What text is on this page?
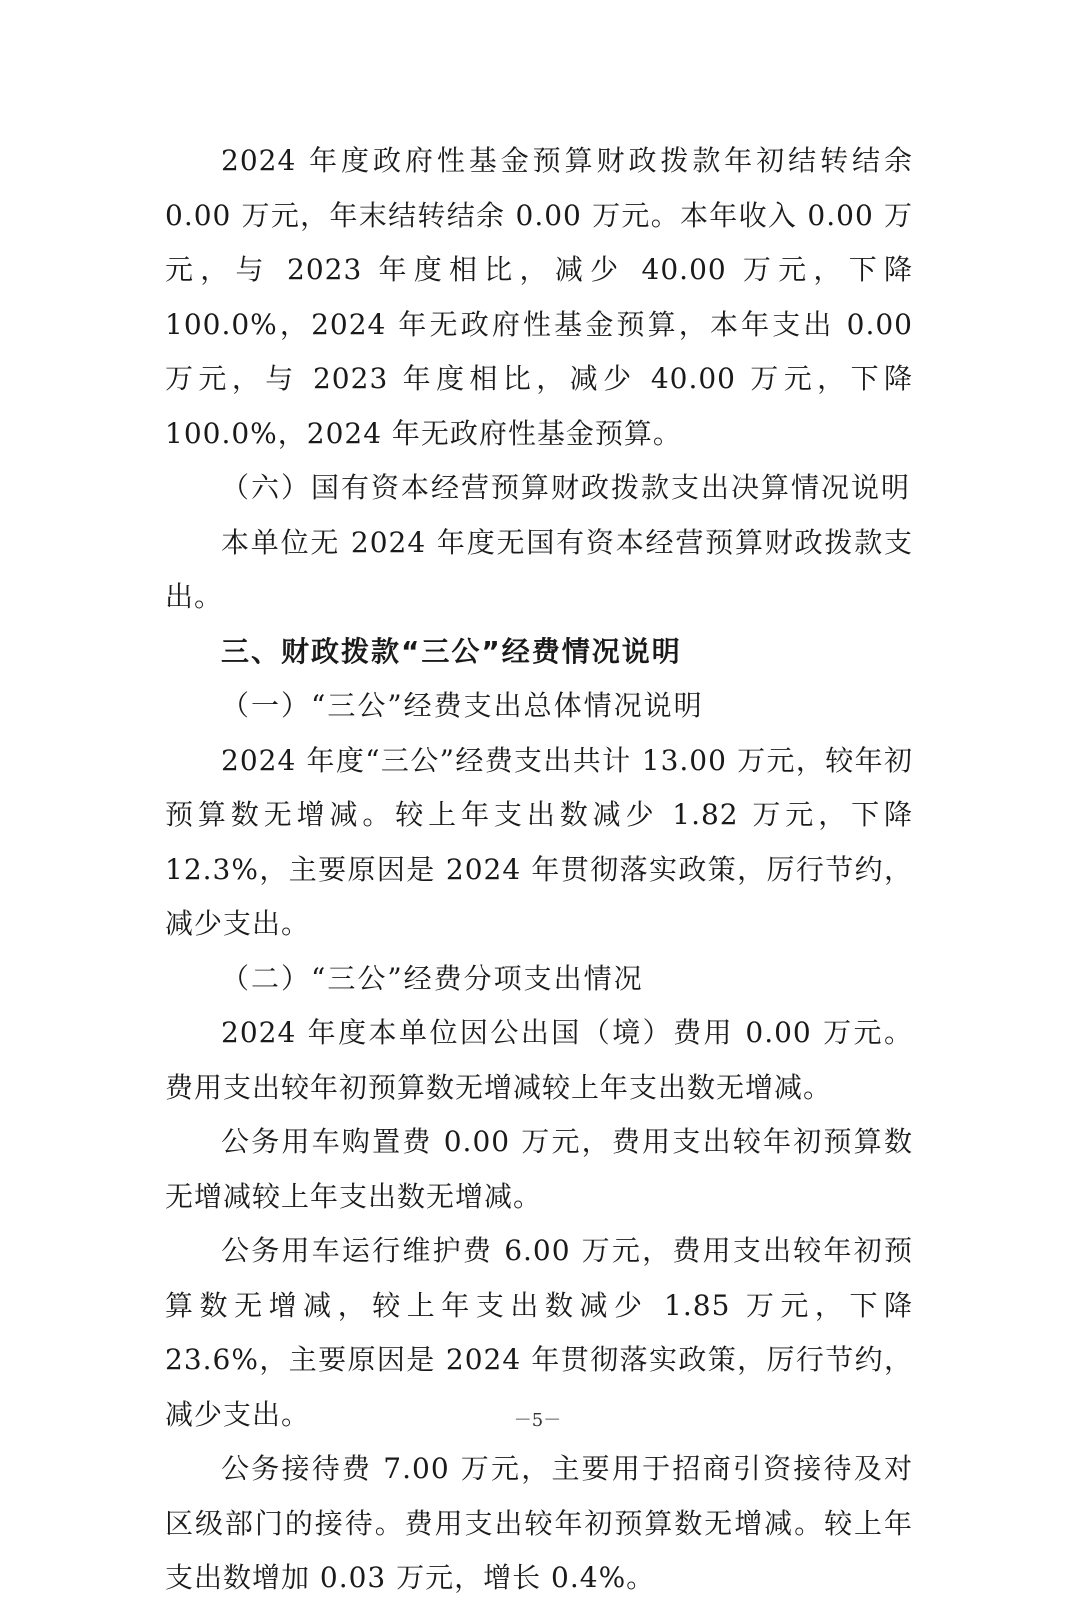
2024 年度政府性基金预算财政拨款年初结转结余 0.00 万元，年末结转结余 0.00 万元。本年收入 0.00 万元，与 2023 年度相比，减少 40.00 万元，下降 100.0%，2024 年无政府性基金预算，本年支出 0.00 万元，与 2023 年度相比，减少 40.00 万元，下降 100.0%，2024 年无政府性基金预算。

（六）国有资本经营预算财政拨款支出决算情况说明

本单位无 2024 年度无国有资本经营预算财政拨款支出。

三、财政拨款“三公”经费情况说明

（一）“三公”经费支出总体情况说明

2024 年度“三公”经费支出共计 13.00 万元，较年初预算数无增减。较上年支出数减少 1.82 万元，下降 12.3%，主要原因是 2024 年贯彻落实政策，厉行节约，减少支出。

（二）“三公”经费分项支出情况

2024 年度本单位因公出国（境）费用 0.00 万元。费用支出较年初预算数无增减较上年支出数无增减。

公务用车购置费 0.00 万元，费用支出较年初预算数无增减较上年支出数无增减。

公务用车运行维护费 6.00 万元，费用支出较年初预算数无增减，较上年支出数减少 1.85 万元，下降 23.6%，主要原因是 2024 年贯彻落实政策，厉行节约，减少支出。

公务接待费 7.00 万元，主要用于招商引资接待及对区级部门的接待。费用支出较年初预算数无增减。较上年支出数增加 0.03 万元，增长 0.4%。

－5－
